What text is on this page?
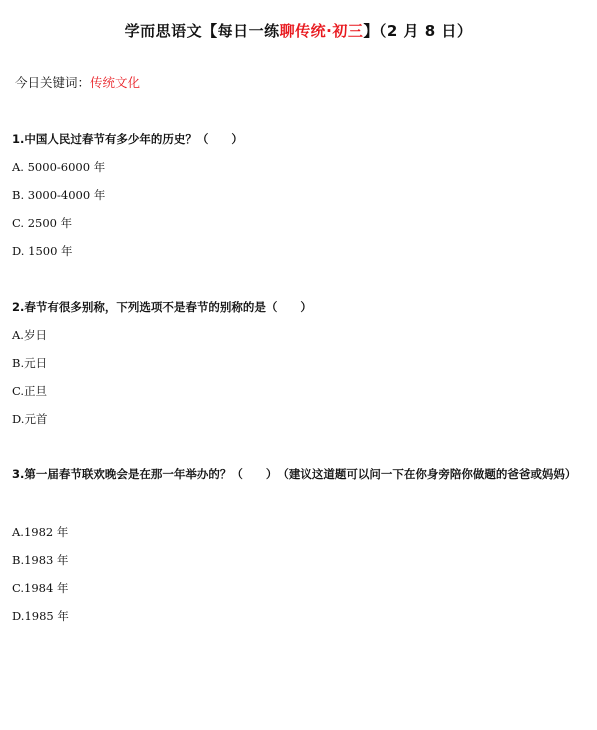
学而思语文【每日一练聊传统·初三】（2 月 8 日）
今日关键词：传统文化
1.中国人民过春节有多少年的历史？（　　）
A. 5000-6000 年
B. 3000-4000 年
C. 2500 年
D. 1500 年
2.春节有很多别称，下列选项不是春节的别称的是（　　）
A.岁日
B.元日
C.正旦
D.元首
3.第一届春节联欢晚会是在那一年举办的？（　　）　（建议这道题可以问一下在你身旁陪你做题的爸爸或妈妈）
A.1982 年
B.1983 年
C.1984 年
D.1985 年
